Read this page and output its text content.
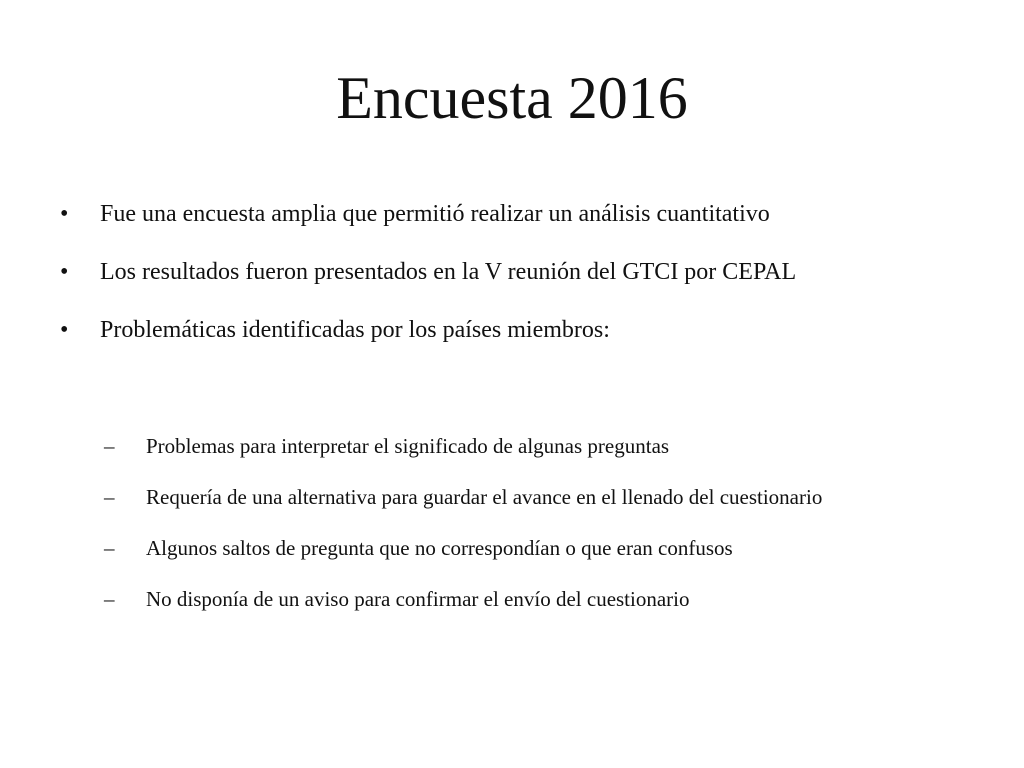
Encuesta 2016
•	Fue una encuesta amplia que permitió realizar un análisis cuantitativo
•	Los resultados fueron presentados en la V reunión del GTCI por CEPAL
•	Problemáticas identificadas por los países miembros:
–	Problemas para interpretar el significado de algunas preguntas
–	Requería de una alternativa para guardar el avance en el llenado del cuestionario
–	Algunos saltos de pregunta que no correspondían o que eran confusos
–	No disponía de un aviso para confirmar el envío del cuestionario
